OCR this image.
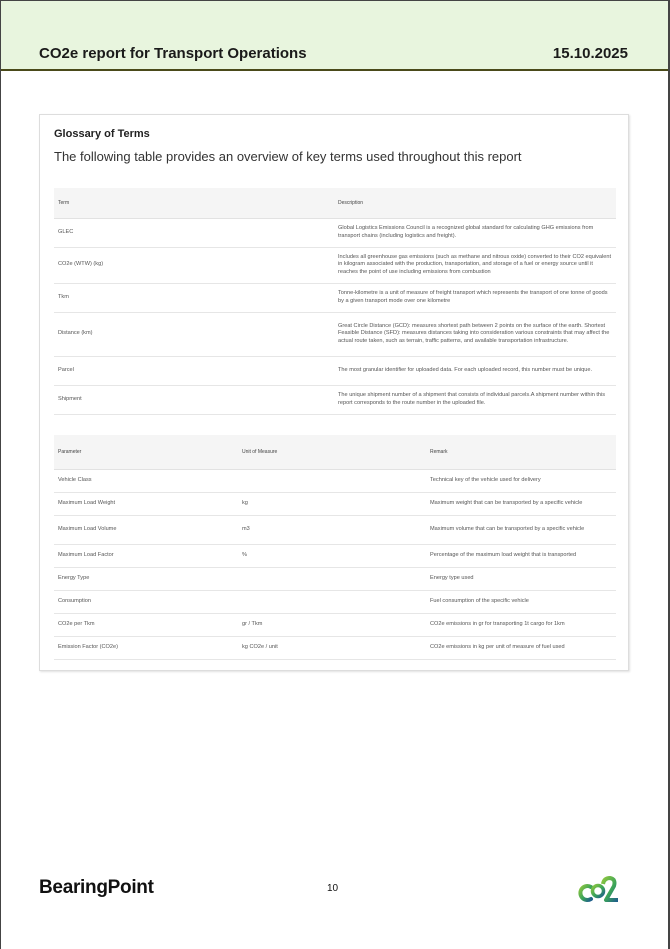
CO2e report for Transport Operations	15.10.2025
Glossary of Terms
The following table provides an overview of key terms used throughout this report
Term	Description
GLEC	Global Logistics Emissions Council is a recognized global standard for calculating GHG emissions from transport chains (including logistics and freight).
CO2e (WTW) (kg)	Includes all greenhouse gas emissions (such as methane and nitrous oxide) converted to their CO2 equivalent in kilogram associated with the production, transportation, and storage of a fuel or energy source until it reaches the point of use including emissions from combustion
Tkm	Tonne-kilometre is a unit of measure of freight transport which represents the transport of one tonne of goods by a given transport mode over one kilometre
Distance (km)	Great Circle Distance (GCD): measures shortest path between 2 points on the surface of the earth. Shortest Feasible Distance (SFD): measures distances taking into consideration various constraints that may affect the actual route taken, such as terrain, traffic patterns, and available transportation infrastructure.
Parcel	The most granular identifier for uploaded data. For each uploaded record, this number must be unique.
Shipment	The unique shipment number of a shipment that consists of individual parcels.A shipment number within this report corresponds to the route number in the uploaded file.
Parameter	Unit of Measure	Remark
Vehicle Class		Technical key of the vehicle used for delivery
Maximum Load Weight	kg	Maximum weight that can be transported by a specific vehicle
Maximum Load Volume	m3	Maximum volume that can be transported by a specific vehicle
Maximum Load Factor	%	Percentage of the maximum load weight that is transported
Energy Type		Energy type used
Consumption		Fuel consumption of the specific vehicle
CO2e per Tkm	gr / Tkm	CO2e emissions in gr for transporting 1t cargo for 1km
Emission Factor (CO2e)	kg CO2e / unit	CO2e emissions in kg per unit of measure of fuel used
BearingPoint	10
